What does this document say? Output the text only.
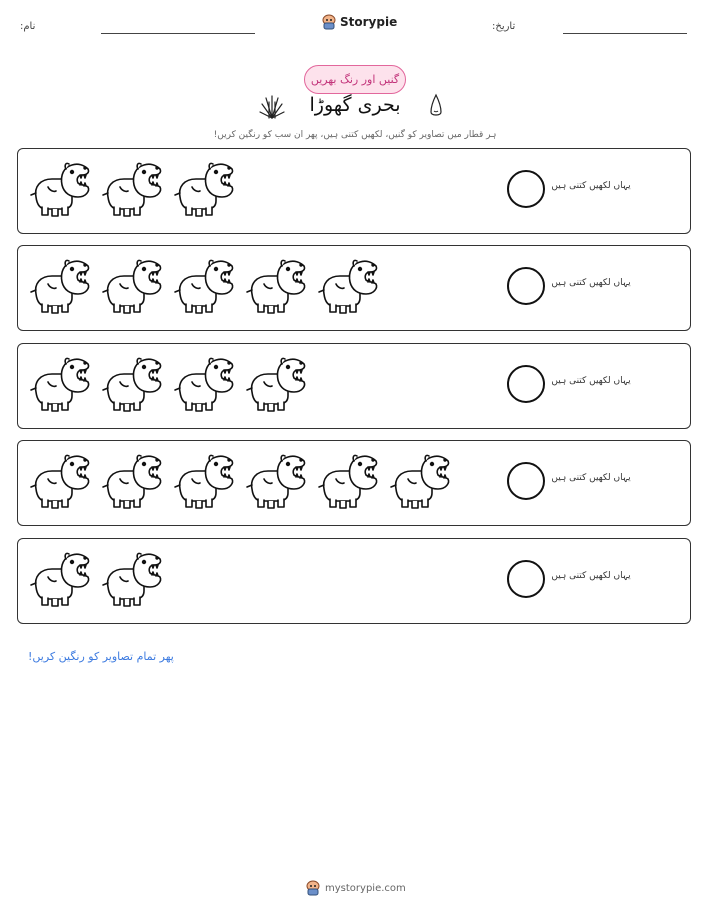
نام:	Storypie	تاریخ:
گنیں اور رنگ بھریں
بحری گھوڑا
ہر قطار میں تصاویر کو گنیں، لکھیں کتنی ہیں، پھر ان سب کو رنگین کریں!
یہاں لکھیں کتنی ہیں
یہاں لکھیں کتنی ہیں
یہاں لکھیں کتنی ہیں
یہاں لکھیں کتنی ہیں
یہاں لکھیں کتنی ہیں
پھر تمام تصاویر کو رنگین کریں!
mystorypie.com
